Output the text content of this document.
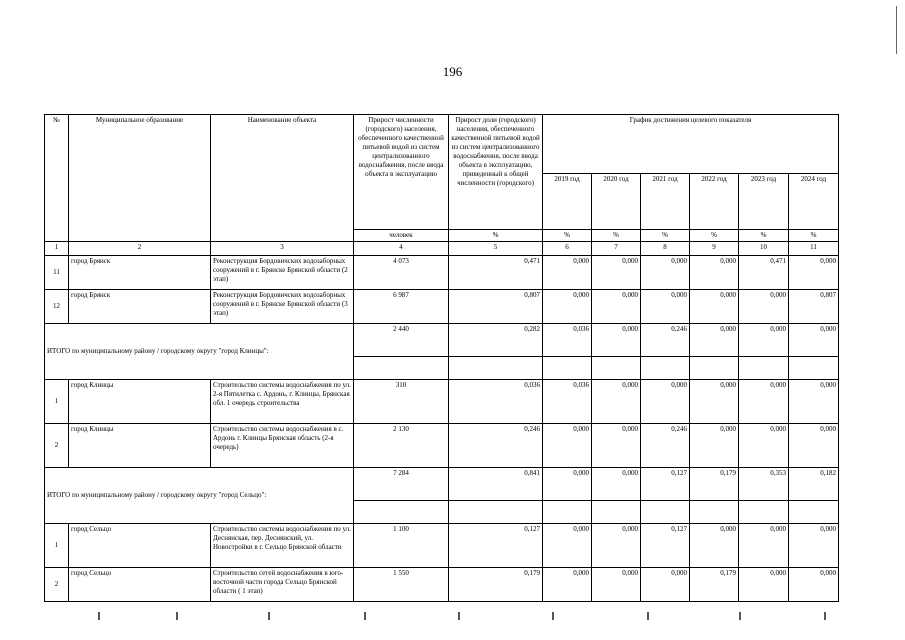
196
№	Муниципальное образование	Наименование объекта	Прирост численности (городского) населения, обеспеченного качественной питьевой водой из систем централизованного водоснабжения, после ввода объекта в эксплуатацию	Прирост доли (городского) населения, обеспеченного качественной питьевой водой из систем централизованного водоснабжения, после ввода объекта в эксплуатацию, приведенный к общей численности (городского)	График достижения целевого показателя					
					2019 год	2020 год	2021 год	2022 год	2023 год	2024 год
			человек	%	%	%	%	%	%	%
1	2	3	4	5	6	7	8	9	10	11
11	город Брянск	Реконструкция Бордовичских водозаборных сооружений в г. Брянске Брянской области (2 этап)	4 073	0,471	0,000	0,000	0,000	0,000	0,471	0,000
12	город Брянск	Реконструкция Бордовичских водозаборных сооружений в г. Брянске Брянской области (3 этап)	6 987	0,807	0,000	0,000	0,000	0,000	0,000	0,807
ИТОГО по муниципальному району / городскому округу "город Клинцы":			2 440	0,282	0,036	0,000	0,246	0,000	0,000	0,000

1	город Клинцы	Строительство системы водоснабжения по ул. 2-я Пятилетка с. Ардонь, г. Клинцы, Брянская обл. 1 очередь строительства	310	0,036	0,036	0,000	0,000	0,000	0,000	0,000
2	город Клинцы	Строительство системы водоснабжения в с. Ардонь г. Клинцы Брянская область (2-я очередь)	2 130	0,246	0,000	0,000	0,246	0,000	0,000	0,000
ИТОГО по муниципальному району / городскому округу "город Сельцо":			7 284	0,841	0,000	0,000	0,127	0,179	0,353	0,182

1	город Сельцо	Строительство системы водоснабжения по ул. Деснянская, пер. Деснянский, ул. Новостройки в г. Сельцо Брянской области	1 100	0,127	0,000	0,000	0,127	0,000	0,000	0,000
2	город Сельцо	Строительство сетей водоснабжения в юго-восточной части города Сельцо Брянской области ( 1 этап)	1 550	0,179	0,000	0,000	0,000	0,179	0,000	0,000
